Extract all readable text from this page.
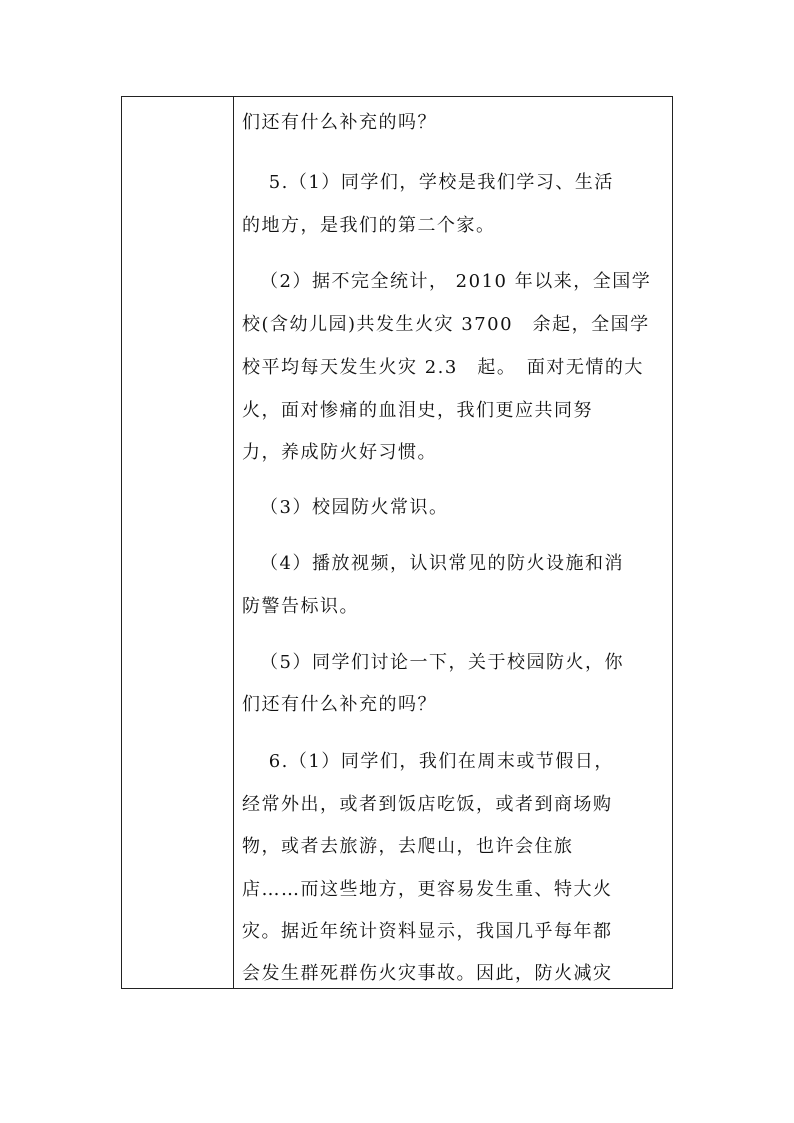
们还有什么补充的吗？
　 5.（1）同学们，学校是我们学习、生活
的地方，是我们的第二个家。
（2）据不完全统计， 2010 年以来，全国学
校(含幼儿园)共发生火灾 3700　余起，全国学
校平均每天发生火灾 2.3　起。　面对无情的大
火，面对惨痛的血泪史，我们更应共同努
力，养成防火好习惯。
（3）校园防火常识。
（4）播放视频，认识常见的防火设施和消
防警告标识。
（5）同学们讨论一下，关于校园防火，你
们还有什么补充的吗？
　 6.（1）同学们，我们在周末或节假日，
经常外出，或者到饭店吃饭，或者到商场购
物，或者去旅游，去爬山，也许会住旅
店……而这些地方，更容易发生重、特大火
灾。据近年统计资料显示，我国几乎每年都
会发生群死群伤火灾事故。因此，防火减灾
